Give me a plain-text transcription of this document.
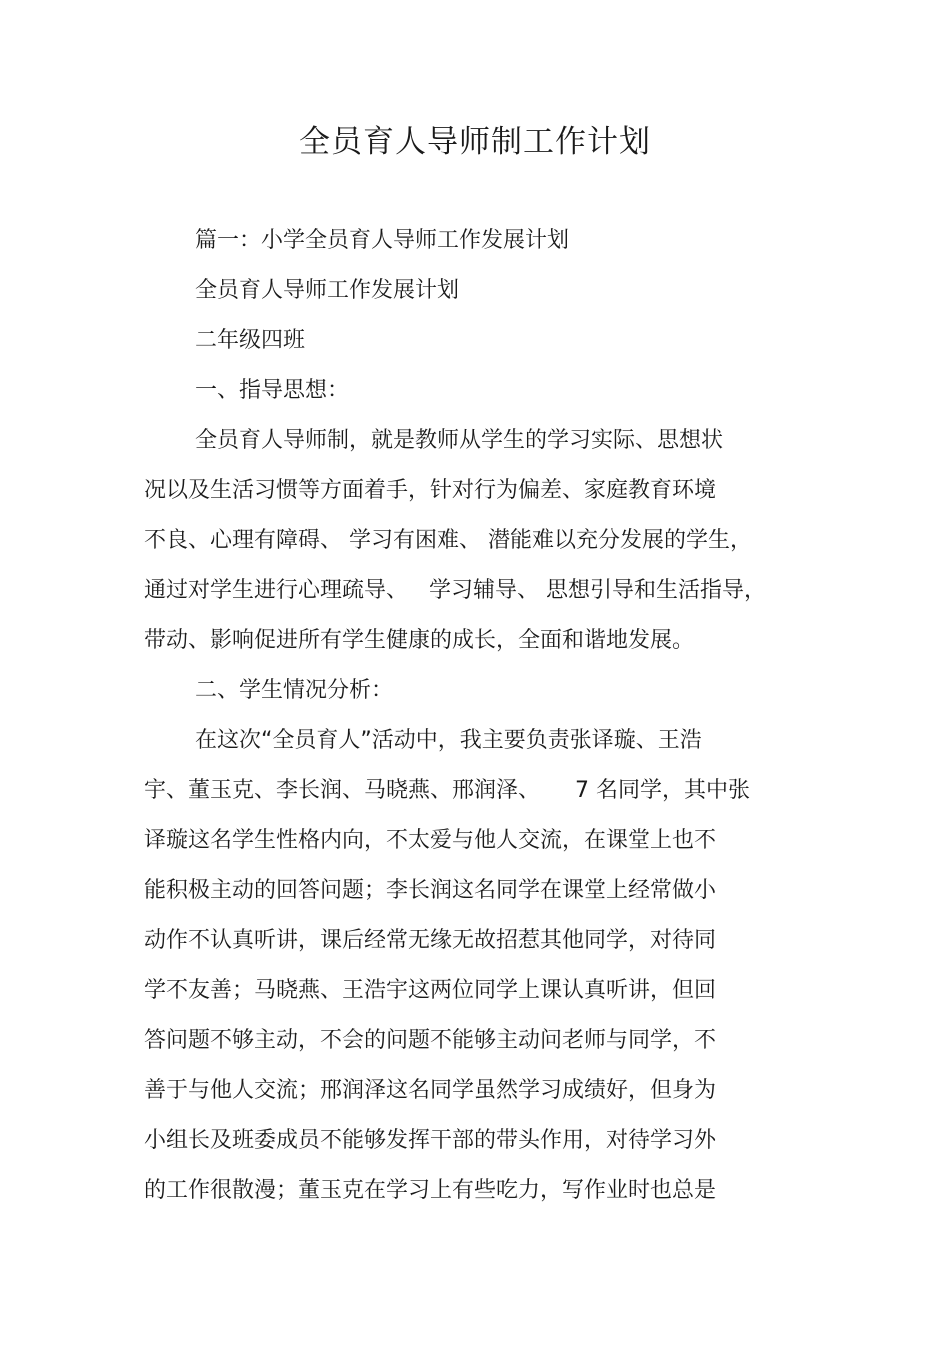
全员育人导师制工作计划

篇一：小学全员育人导师工作发展计划

全员育人导师工作发展计划

二年级四班

一、指导思想：

全员育人导师制，就是教师从学生的学习实际、思想状

况以及生活习惯等方面着手，针对行为偏差、家庭教育环境

不良、心理有障碍、 学习有困难、 潜能难以充分发展的学生，

通过对学生进行心理疏导、   学习辅导、 思想引导和生活指导，

带动、影响促进所有学生健康的成长，全面和谐地发展。

二、学生情况分析：

在这次“全员育人”活动中，我主要负责张译璇、王浩

宇、董玉克、李长润、马晓燕、邢润泽、     7 名同学，其中张

译璇这名学生性格内向，不太爱与他人交流，在课堂上也不

能积极主动的回答问题；李长润这名同学在课堂上经常做小

动作不认真听讲，课后经常无缘无故招惹其他同学，对待同

学不友善；马晓燕、王浩宇这两位同学上课认真听讲，但回

答问题不够主动，不会的问题不能够主动问老师与同学，不

善于与他人交流；邢润泽这名同学虽然学习成绩好，但身为

小组长及班委成员不能够发挥干部的带头作用，对待学习外

的工作很散漫；董玉克在学习上有些吃力，写作业时也总是
